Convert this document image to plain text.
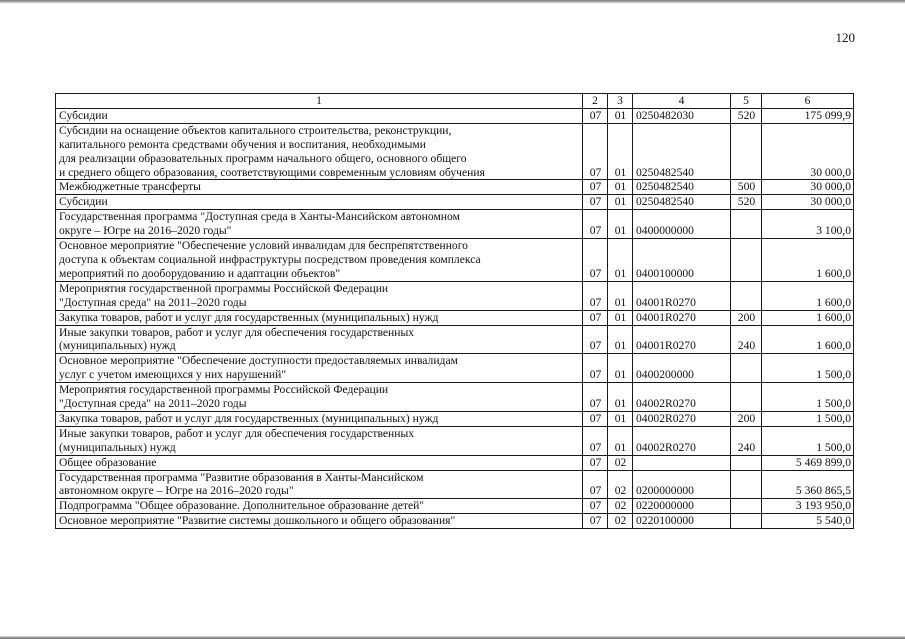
120
1	2	3	4	5	6
Субсидии	07	01	0250482030	520	175 099,9
Субсидии на оснащение объектов капитального строительства, реконструкции,
капитального ремонта средствами обучения и воспитания, необходимыми
для реализации образовательных программ начального общего, основного общего
и среднего общего образования, соответствующими современным условиям обучения	07	01	0250482540		30 000,0
Межбюджетные трансферты	07	01	0250482540	500	30 000,0
Субсидии	07	01	0250482540	520	30 000,0
Государственная программа "Доступная среда в Ханты-Мансийском автономном
округе – Югре на 2016–2020 годы"	07	01	0400000000		3 100,0
Основное мероприятие "Обеспечение условий инвалидам для беспрепятственного
доступа к объектам социальной инфраструктуры посредством проведения комплекса
мероприятий по дооборудованию и адаптации объектов"	07	01	0400100000		1 600,0
Мероприятия государственной программы Российской Федерации
"Доступная среда" на 2011–2020 годы	07	01	04001R0270		1 600,0
Закупка товаров, работ и услуг для государственных (муниципальных) нужд	07	01	04001R0270	200	1 600,0
Иные закупки товаров, работ и услуг для обеспечения государственных
(муниципальных) нужд	07	01	04001R0270	240	1 600,0
Основное мероприятие "Обеспечение доступности предоставляемых инвалидам
услуг с учетом имеющихся у них нарушений"	07	01	0400200000		1 500,0
Мероприятия государственной программы Российской Федерации
"Доступная среда" на 2011–2020 годы	07	01	04002R0270		1 500,0
Закупка товаров, работ и услуг для государственных (муниципальных) нужд	07	01	04002R0270	200	1 500,0
Иные закупки товаров, работ и услуг для обеспечения государственных
(муниципальных) нужд	07	01	04002R0270	240	1 500,0
Общее образование	07	02			5 469 899,0
Государственная программа "Развитие образования в Ханты-Мансийском
автономном округе – Югре на 2016–2020 годы"	07	02	0200000000		5 360 865,5
Подпрограмма "Общее образование. Дополнительное образование детей"	07	02	0220000000		3 193 950,0
Основное мероприятие "Развитие системы дошкольного и общего образования"	07	02	0220100000		5 540,0
